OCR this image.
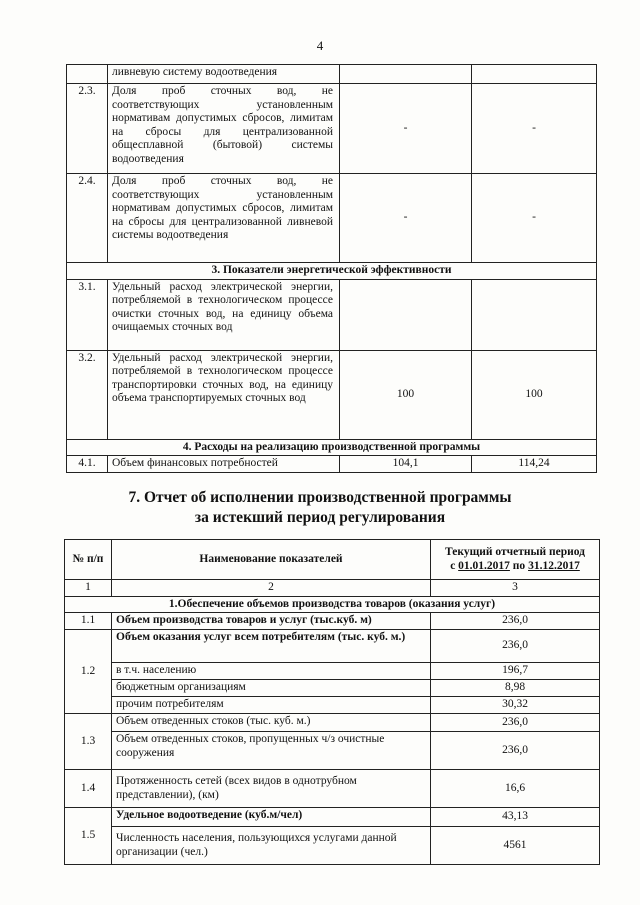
4
	ливневую систему водоотведения		
2.3.	Доля проб сточных вод, не соответствующих установленным нормативам допустимых сбросов, лимитам на сбросы для централизованной общесплавной (бытовой) системы водоотведения	-	-
2.4.	Доля проб сточных вод, не соответствующих установленным нормативам допустимых сбросов, лимитам на сбросы для централизованной ливневой системы водоотведения	-	-
3. Показатели энергетической эффективности			
3.1.	Удельный расход электрической энергии, потребляемой в технологическом процессе очистки сточных вод, на единицу объема очищаемых сточных вод		
3.2.	Удельный расход электрической энергии, потребляемой в технологическом процессе транспортировки сточных вод, на единицу объема транспортируемых сточных вод	100	100
4. Расходы на реализацию производственной программы			
4.1.	Объем финансовых потребностей	104,1	114,24
7. Отчет об исполнении производственной программы
за истекший период регулирования
№ п/п	Наименование показателей	Текущий отчетный период
с 01.01.2017 по 31.12.2017

1	2	3
1.Обеспечение объемов производства товаров (оказания услуг)		
1.1	Объем производства товаров и услуг (тыс.куб. м)	236,0
1.2	Объем оказания услуг всем потребителям (тыс. куб. м.)	236,0
	в т.ч. населению	196,7
	бюджетным организациям	8,98
	прочим потребителям	30,32
1.3	Объем отведенных стоков (тыс. куб. м.)	236,0
	Объем отведенных стоков, пропущенных ч/з очистные сооружения	236,0
1.4	Протяженность сетей (всех видов в однотрубном представлении), (км)	16,6
1.5	Удельное водоотведение (куб.м/чел)	43,13
	Численность населения, пользующихся услугами данной организации (чел.)	4561
